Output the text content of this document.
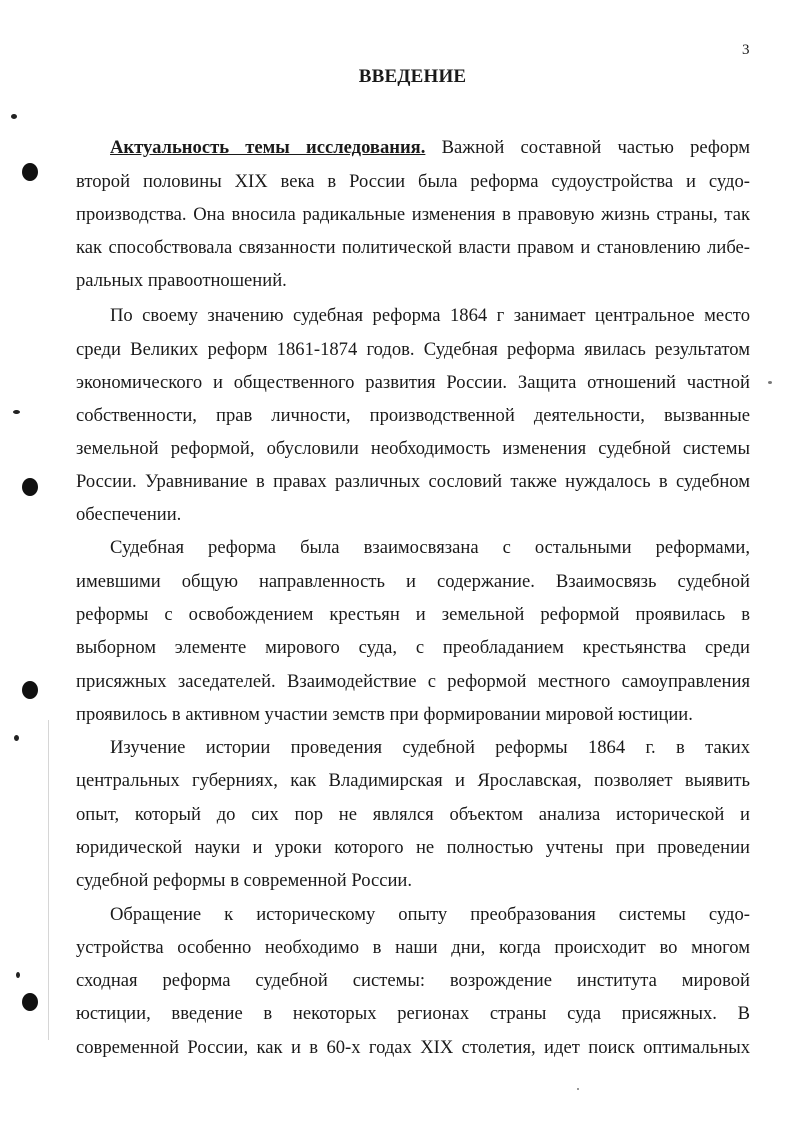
3
ВВЕДЕНИЕ
Актуальность темы исследования. Важной составной частью реформ
второй половины XIX века в России была реформа судоустройства и судо-
производства. Она вносила радикальные изменения в правовую жизнь страны, так
как способствовала связанности политической власти правом и становлению либе-
ральных правоотношений.
По своему значению судебная реформа 1864 г занимает центральное место
среди Великих реформ 1861-1874 годов. Судебная реформа явилась результатом
экономического и общественного развития России. Защита отношений частной
собственности, прав личности, производственной деятельности, вызванные
земельной реформой, обусловили необходимость изменения судебной системы
России. Уравнивание в правах различных сословий также нуждалось в судебном
обеспечении.
Судебная реформа была взаимосвязана с остальными реформами,
имевшими общую направленность и содержание. Взаимосвязь судебной
реформы с освобождением крестьян и земельной реформой проявилась в
выборном элементе мирового суда, с преобладанием крестьянства среди
присяжных заседателей. Взаимодействие с реформой местного самоуправления
проявилось в активном участии земств при формировании мировой юстиции.
Изучение истории проведения судебной реформы 1864 г. в таких
центральных губерниях, как Владимирская и Ярославская, позволяет выявить
опыт, который до сих пор не являлся объектом анализа исторической и
юридической науки и уроки которого не полностью учтены при проведении
судебной реформы в современной России.
Обращение к историческому опыту преобразования системы судо-
устройства особенно необходимо в наши дни, когда происходит во многом
сходная реформа судебной системы: возрождение института мировой
юстиции, введение в некоторых регионах страны суда присяжных. В
современной России, как и в 60-х годах XIX столетия, идет поиск оптимальных
